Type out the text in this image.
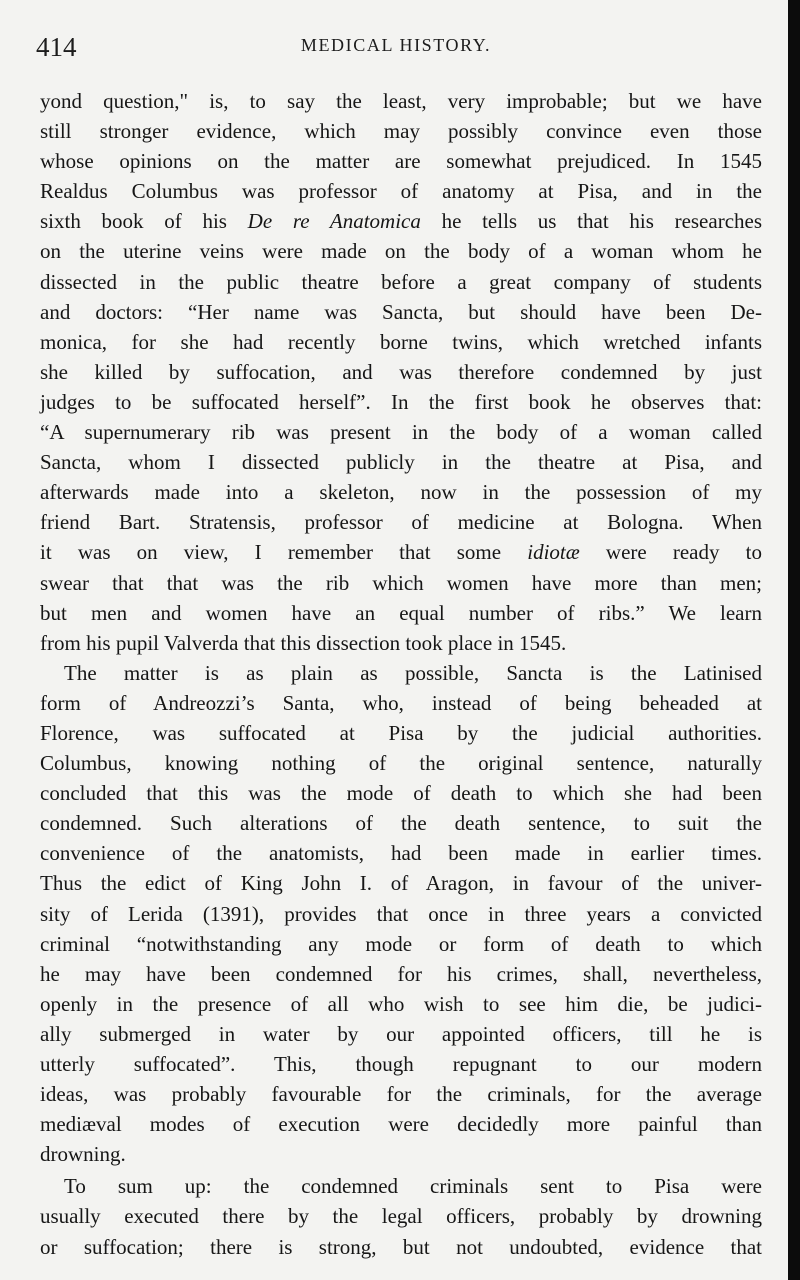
414	MEDICAL HISTORY.
yond question," is, to say the least, very improbable; but we have
still stronger evidence, which may possibly convince even those
whose opinions on the matter are somewhat prejudiced. In 1545
Realdus Columbus was professor of anatomy at Pisa, and in the
sixth book of his De re Anatomica he tells us that his researches
on the uterine veins were made on the body of a woman whom he
dissected in the public theatre before a great company of students
and doctors: “Her name was Sancta, but should have been De-
monica, for she had recently borne twins, which wretched infants
she killed by suffocation, and was therefore condemned by just
judges to be suffocated herself”. In the first book he observes that:
“A supernumerary rib was present in the body of a woman called
Sancta, whom I dissected publicly in the theatre at Pisa, and
afterwards made into a skeleton, now in the possession of my
friend Bart. Stratensis, professor of medicine at Bologna. When
it was on view, I remember that some idiotæ were ready to
swear that that was the rib which women have more than men;
but men and women have an equal number of ribs.” We learn
from his pupil Valverda that this dissection took place in 1545.
The matter is as plain as possible, Sancta is the Latinised
form of Andreozzi’s Santa, who, instead of being beheaded at
Florence, was suffocated at Pisa by the judicial authorities.
Columbus, knowing nothing of the original sentence, naturally
concluded that this was the mode of death to which she had been
condemned. Such alterations of the death sentence, to suit the
convenience of the anatomists, had been made in earlier times.
Thus the edict of King John I. of Aragon, in favour of the univer-
sity of Lerida (1391), provides that once in three years a convicted
criminal “notwithstanding any mode or form of death to which
he may have been condemned for his crimes, shall, nevertheless,
openly in the presence of all who wish to see him die, be judici-
ally submerged in water by our appointed officers, till he is
utterly suffocated”. This, though repugnant to our modern
ideas, was probably favourable for the criminals, for the average
mediæval modes of execution were decidedly more painful than
drowning.
To sum up: the condemned criminals sent to Pisa were
usually executed there by the legal officers, probably by drowning
or suffocation; there is strong, but not undoubted, evidence that
